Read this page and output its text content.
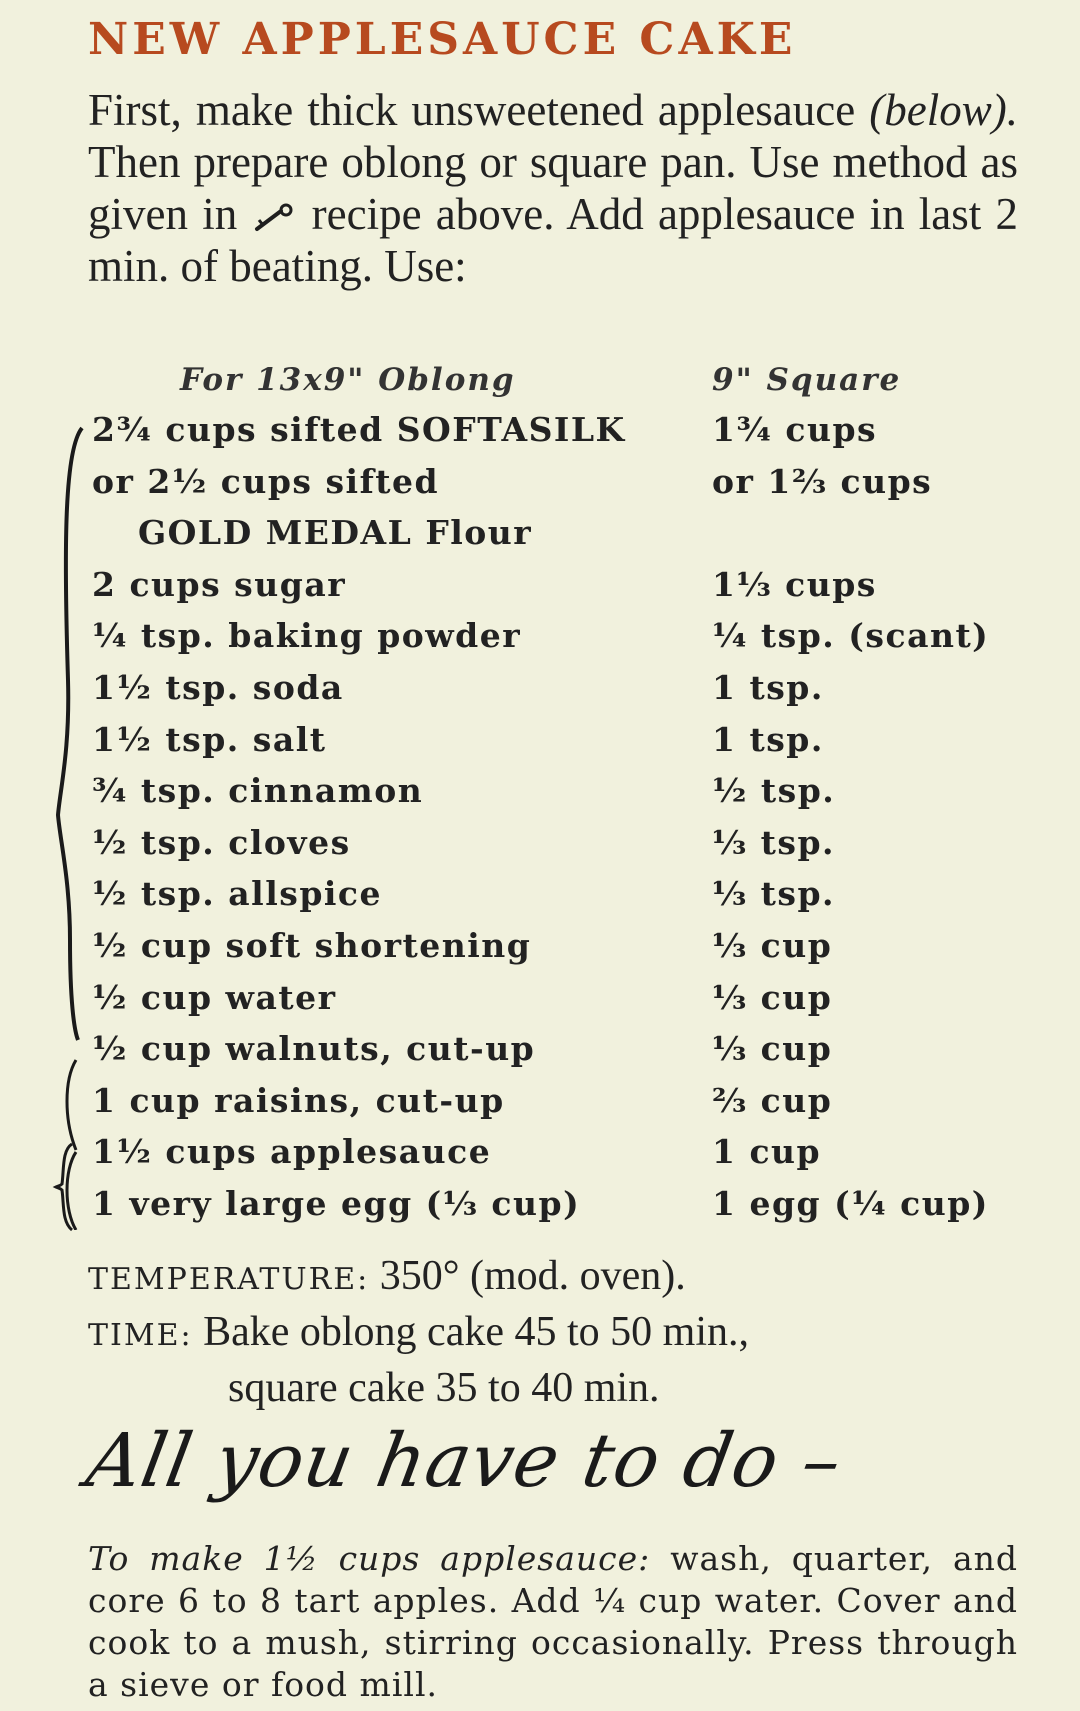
NEW APPLESAUCE CAKE

First, make thick unsweetened applesauce (below). Then prepare oblong or square pan. Use method as given in recipe above. Add applesauce in last 2 min. of beating. Use:

For 13x9" Oblong	9" Square
2¾ cups sifted SOFTASILK	1¾ cups
or 2½ cups sifted	or 1⅔ cups
GOLD MEDAL Flour
2 cups sugar	1⅓ cups
¼ tsp. baking powder	¼ tsp. (scant)
1½ tsp. soda	1 tsp.
1½ tsp. salt	1 tsp.
¾ tsp. cinnamon	½ tsp.
½ tsp. cloves	⅓ tsp.
½ tsp. allspice	⅓ tsp.
½ cup soft shortening	⅓ cup
½ cup water	⅓ cup
½ cup walnuts, cut-up	⅓ cup
1 cup raisins, cut-up	⅔ cup
1½ cups applesauce	1 cup
1 very large egg (⅓ cup)	1 egg (¼ cup)
TEMPERATURE: 350° (mod. oven).
TIME: Bake oblong cake 45 to 50 min.,
square cake 35 to 40 min.
All you have to do –

To make 1½ cups applesauce: wash, quarter, and core 6 to 8 tart apples. Add ¼ cup water. Cover and cook to a mush, stirring occasionally. Press through a sieve or food mill.
